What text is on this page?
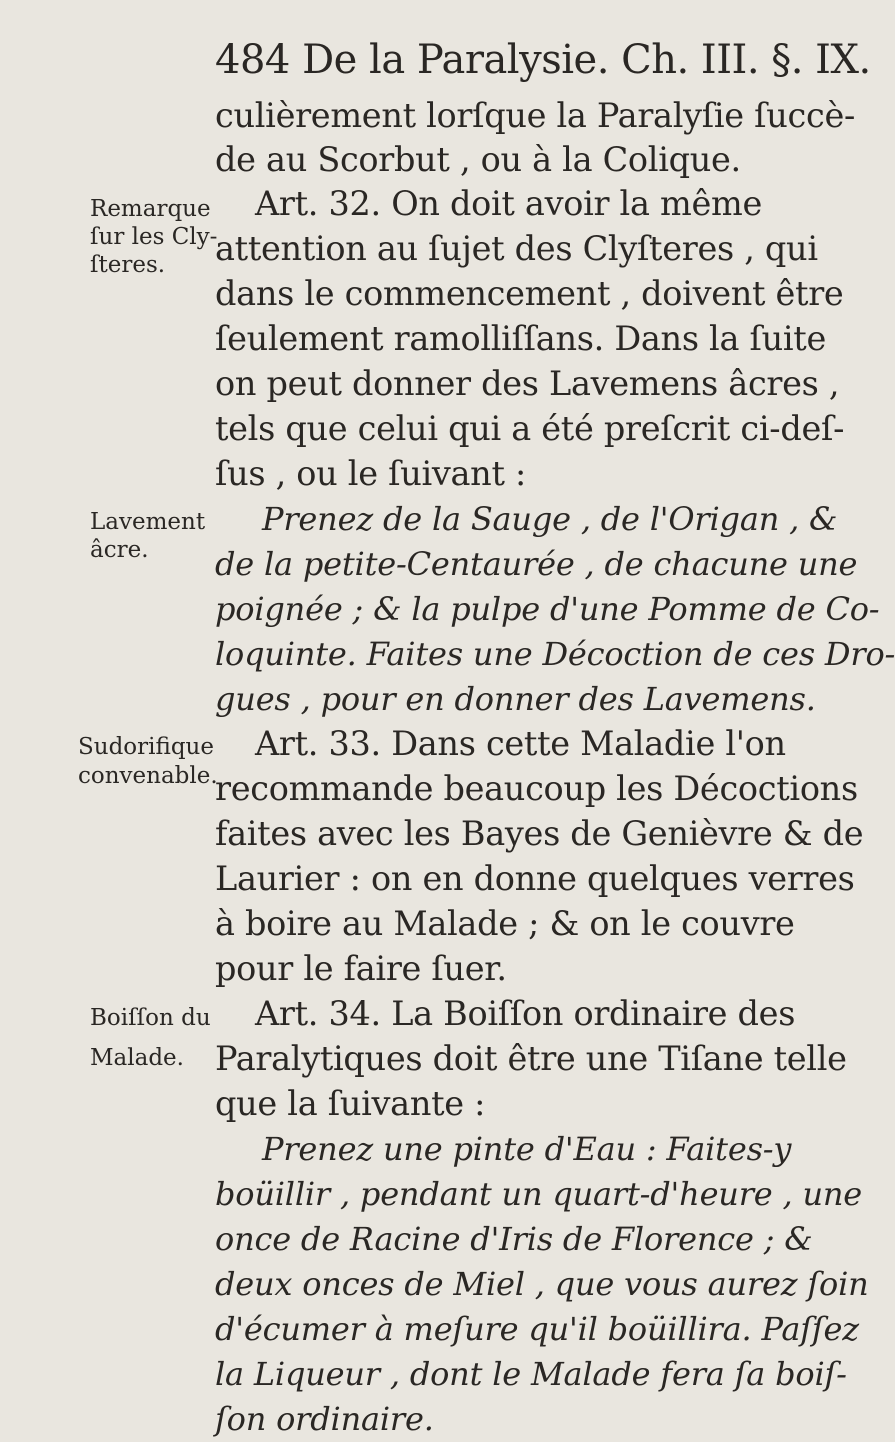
484 De la Paralysie. Ch. III. §. IX.
culièrement lorſque la Paralyſie ſuccè-
de au Scorbut , ou à la Colique.
Art. 32. On doit avoir la même
attention au ſujet des Clyſteres , qui
dans le commencement , doivent être
ſeulement ramolliſſans. Dans la ſuite
on peut donner des Lavemens âcres ,
tels que celui qui a été preſcrit ci-deſ-
ſus , ou le ſuivant :
Prenez de la Sauge , de l'Origan , &
de la petite-Centaurée , de chacune une
poignée ; & la pulpe d'une Pomme de Co-
loquinte. Faites une Décoction de ces Dro-
gues , pour en donner des Lavemens.
Art. 33. Dans cette Maladie l'on
recommande beaucoup les Décoctions
faites avec les Bayes de Genièvre & de
Laurier : on en donne quelques verres
à boire au Malade ; & on le couvre
pour le faire ſuer.
Art. 34. La Boiſſon ordinaire des
Paralytiques doit être une Tiſane telle
que la ſuivante :
Prenez une pinte d'Eau : Faites-y
boüillir , pendant un quart-d'heure , une
once de Racine d'Iris de Florence ; &
deux onces de Miel , que vous aurez ſoin
d'écumer à meſure qu'il boüillira. Paſſez
la Liqueur , dont le Malade fera ſa boiſ-
ſon ordinaire.
Remarque
ſur les Cly-
ſteres.
Lavement
âcre.
Sudorifique
convenable.
Boiſſon du
Malade.
